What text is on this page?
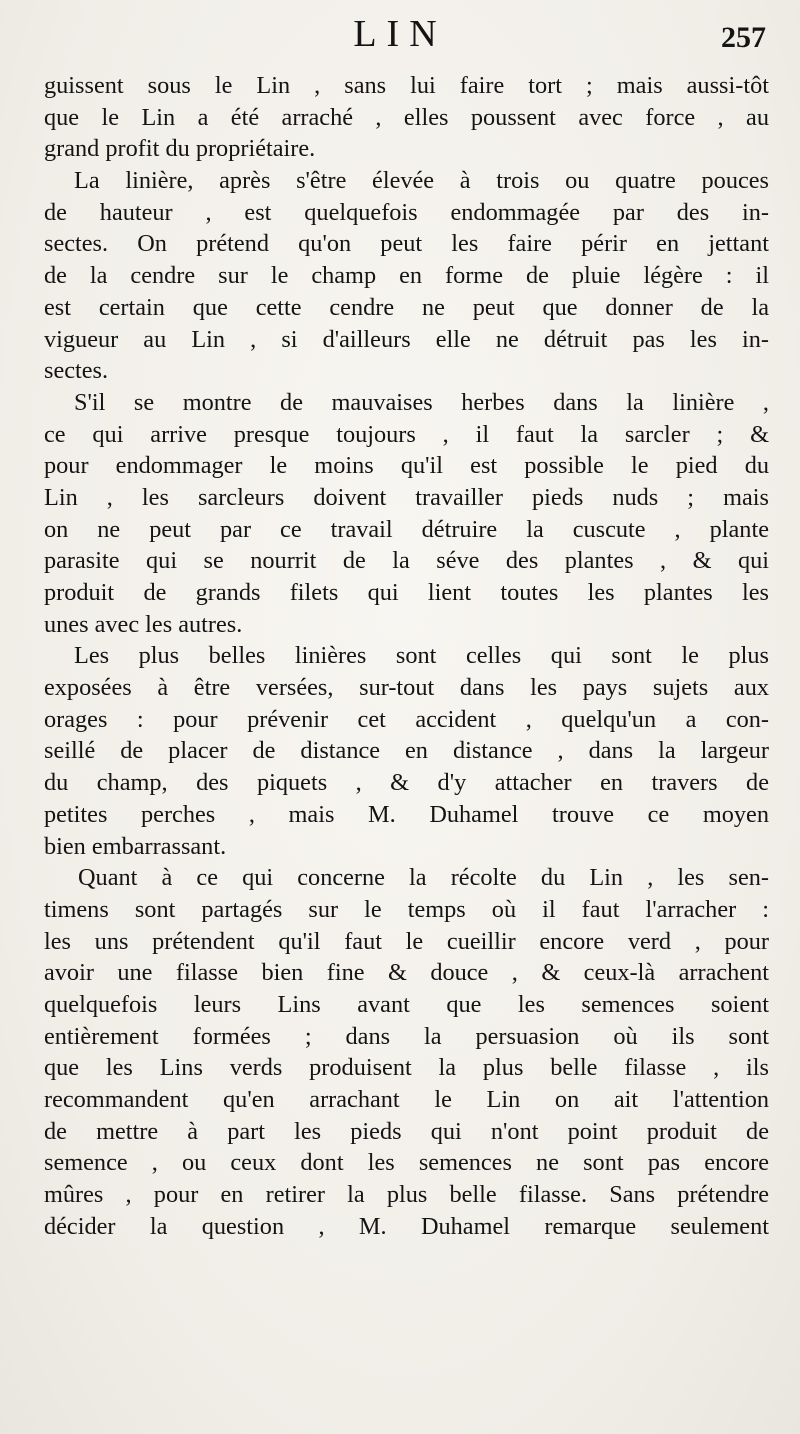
LIN	257
guissent sous le Lin , sans lui faire tort ; mais aussi-tôt
que le Lin a été arraché , elles poussent avec force , au
grand profit du propriétaire.
La linière, après s'être élevée à trois ou quatre pouces
de hauteur , est quelquefois endommagée par des in-
sectes. On prétend qu'on peut les faire périr en jettant
de la cendre sur le champ en forme de pluie légère : il
est certain que cette cendre ne peut que donner de la
vigueur au Lin , si d'ailleurs elle ne détruit pas les in-
sectes.
S'il se montre de mauvaises herbes dans la linière ,
ce qui arrive presque toujours , il faut la sarcler ; &
pour endommager le moins qu'il est possible le pied du
Lin , les sarcleurs doivent travailler pieds nuds ; mais
on ne peut par ce travail détruire la cuscute , plante
parasite qui se nourrit de la séve des plantes , & qui
produit de grands filets qui lient toutes les plantes les
unes avec les autres.
Les plus belles linières sont celles qui sont le plus
exposées à être versées, sur-tout dans les pays sujets aux
orages : pour prévenir cet accident , quelqu'un a con-
seillé de placer de distance en distance , dans la largeur
du champ, des piquets , & d'y attacher en travers de
petites perches , mais M. Duhamel trouve ce moyen
bien embarrassant.
Quant à ce qui concerne la récolte du Lin , les sen-
timens sont partagés sur le temps où il faut l'arracher :
les uns prétendent qu'il faut le cueillir encore verd , pour
avoir une filasse bien fine & douce , & ceux-là arrachent
quelquefois leurs Lins avant que les semences soient
entièrement formées ; dans la persuasion où ils sont
que les Lins verds produisent la plus belle filasse , ils
recommandent qu'en arrachant le Lin on ait l'attention
de mettre à part les pieds qui n'ont point produit de
semence , ou ceux dont les semences ne sont pas encore
mûres , pour en retirer la plus belle filasse. Sans prétendre
décider la question , M. Duhamel remarque seulement
